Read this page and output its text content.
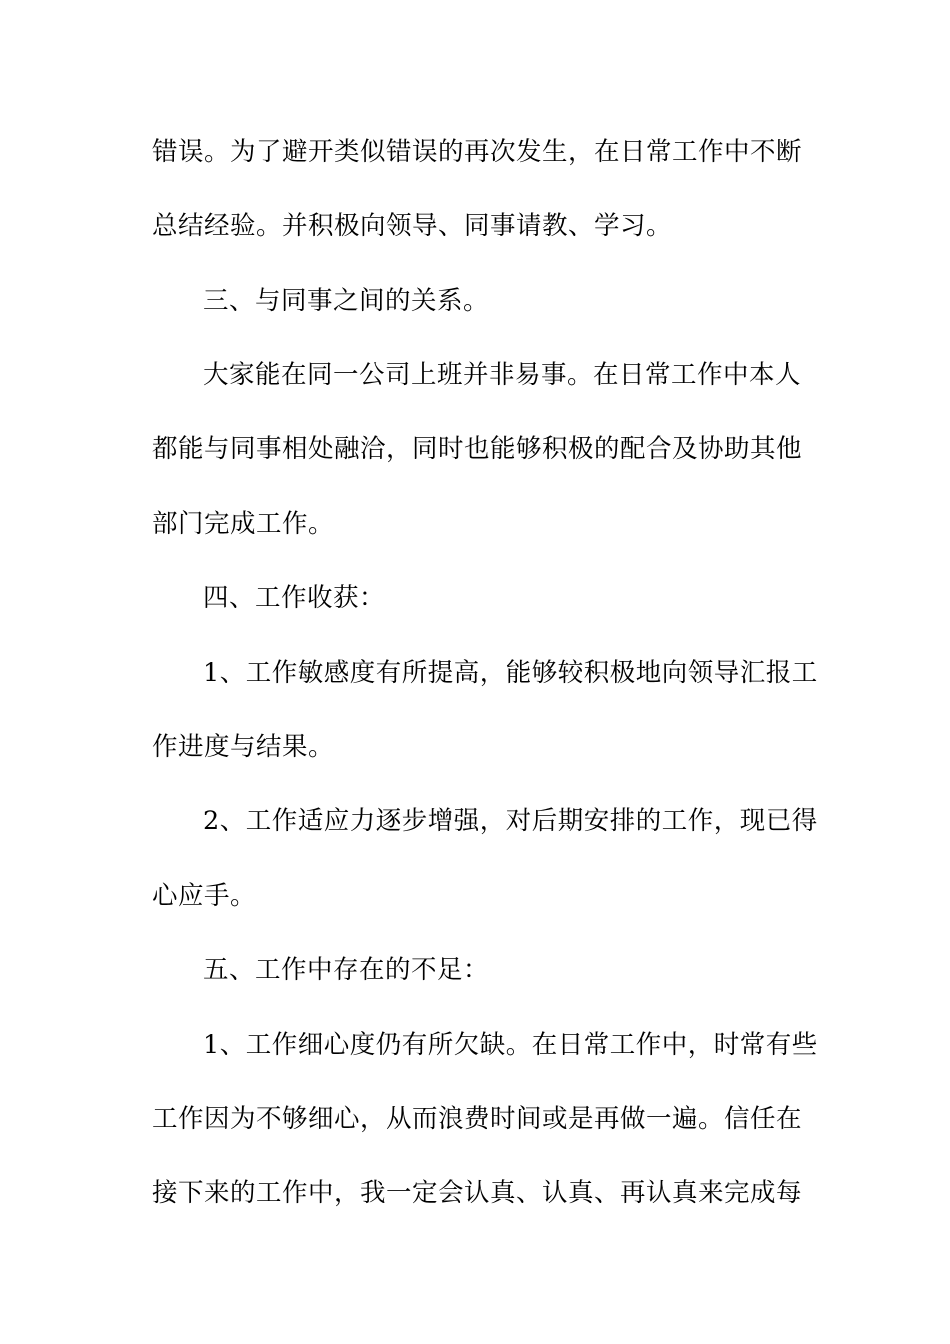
错误。为了避开类似错误的再次发生，在日常工作中不断
总结经验。并积极向领导、同事请教、学习。
三、与同事之间的关系。
大家能在同一公司上班并非易事。在日常工作中本人
都能与同事相处融洽，同时也能够积极的配合及协助其他
部门完成工作。
四、工作收获：
1、工作敏感度有所提高，能够较积极地向领导汇报工
作进度与结果。
2、工作适应力逐步增强，对后期安排的工作，现已得
心应手。
五、工作中存在的不足：
1、工作细心度仍有所欠缺。在日常工作中，时常有些
工作因为不够细心，从而浪费时间或是再做一遍。信任在
接下来的工作中，我一定会认真、认真、再认真来完成每
